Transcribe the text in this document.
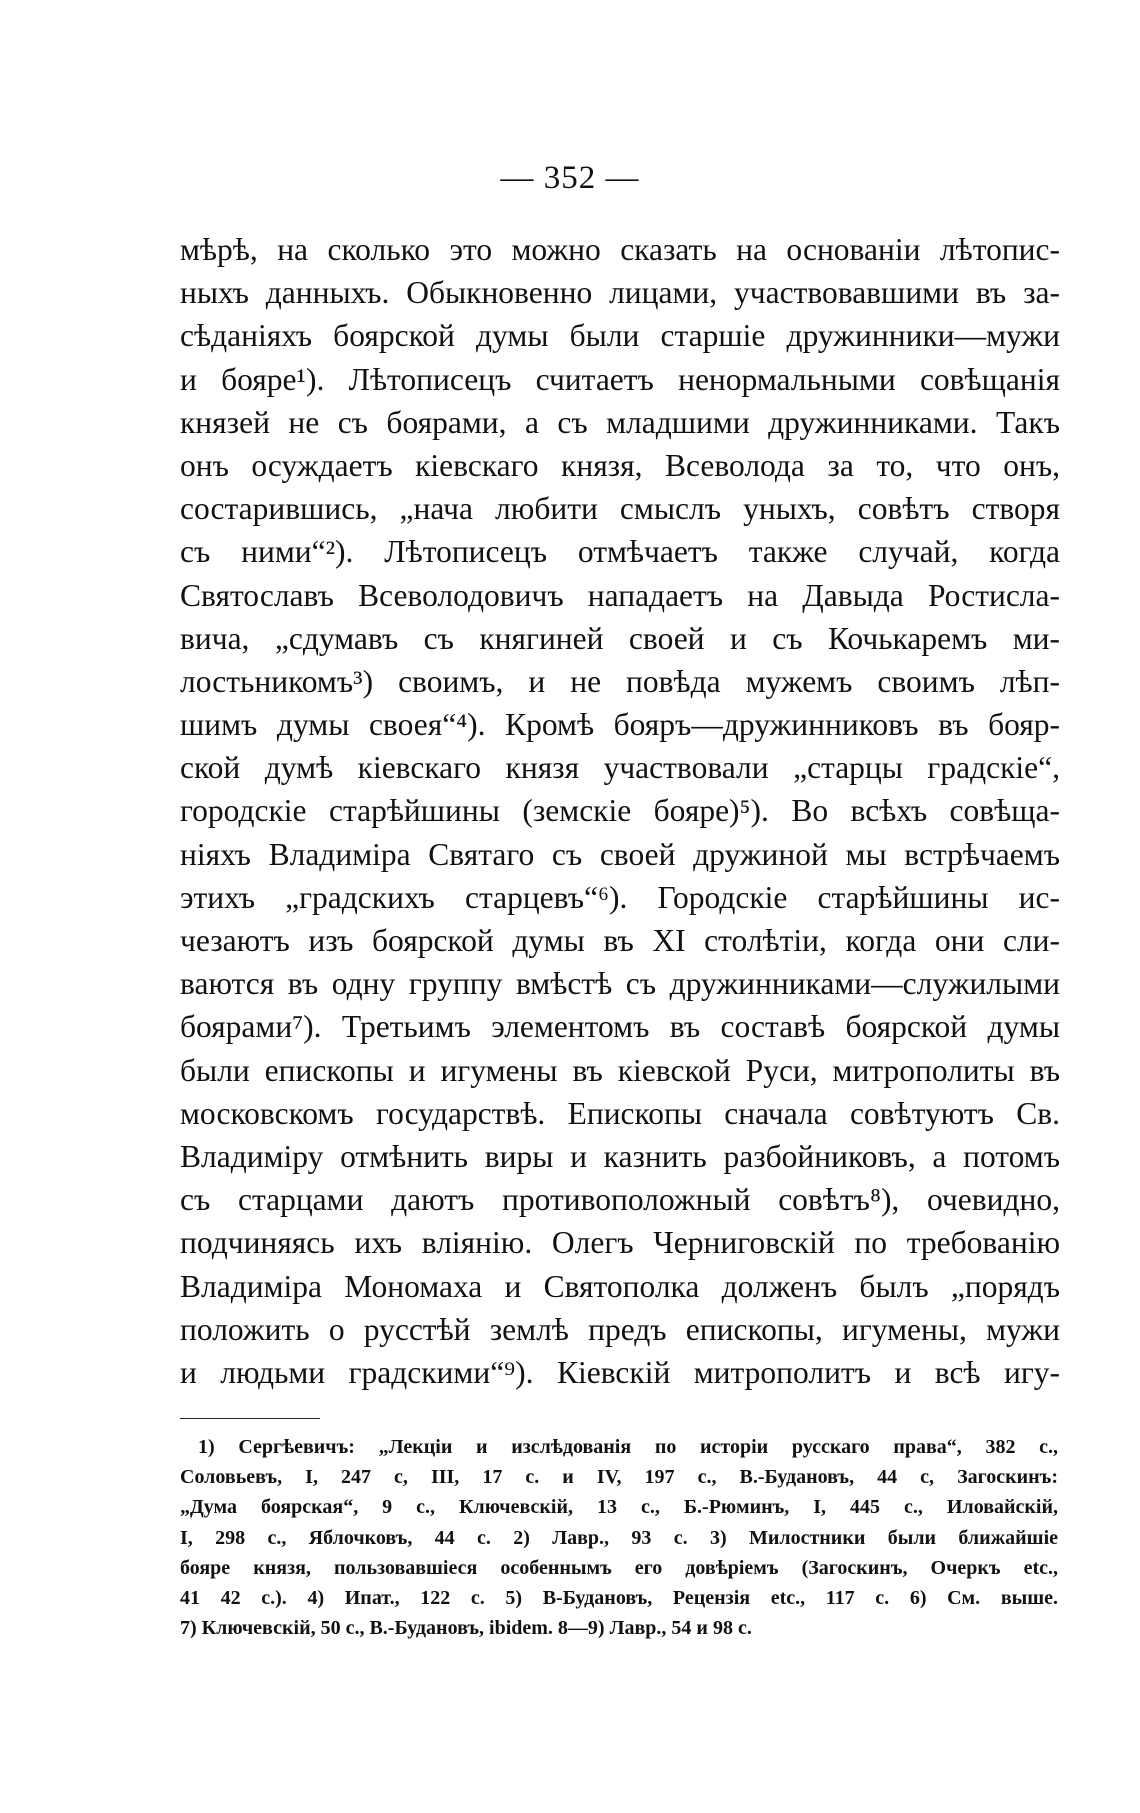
— 352 —
мѣрѣ, на сколько это можно сказать на основаніи лѣтопис-
ныхъ данныхъ. Обыкновенно лицами, участвовавшими въ за-
сѣданіяхъ боярской думы были старшіе дружинники—мужи
и бояре¹). Лѣтописецъ считаетъ ненормальными совѣщанія
князей не съ боярами, а съ младшими дружинниками. Такъ
онъ осуждаетъ кіевскаго князя, Всеволода за то, что онъ,
состарившись, „нача любити смыслъ уныхъ, совѣтъ створя
съ ними“²). Лѣтописецъ отмѣчаетъ также случай, когда
Святославъ Всеволодовичъ нападаетъ на Давыда Ростисла-
вича, „сдумавъ съ княгиней своей и съ Кочькаремъ ми-
лостьникомъ³) своимъ, и не повѣда мужемъ своимъ лѣп-
шимъ думы своея“⁴). Кромѣ бояръ—дружинниковъ въ бояр-
ской думѣ кіевскаго князя участвовали „старцы градскіе“,
городскіе старѣйшины (земскіе бояре)⁵). Во всѣхъ совѣща-
ніяхъ Владиміра Святаго съ своей дружиной мы встрѣчаемъ
этихъ „градскихъ старцевъ“⁶). Городскіе старѣйшины ис-
чезаютъ изъ боярской думы въ XI столѣтіи, когда они сли-
ваются въ одну группу вмѣстѣ съ дружинниками—служилыми
боярами⁷). Третьимъ элементомъ въ составѣ боярской думы
были епископы и игумены въ кіевской Руси, митрополиты въ
московскомъ государствѣ. Епископы сначала совѣтуютъ Св.
Владиміру отмѣнить виры и казнить разбойниковъ, а потомъ
съ старцами даютъ противоположный совѣтъ⁸), очевидно,
подчиняясь ихъ вліянію. Олегъ Черниговскій по требованію
Владиміра Мономаха и Святополка долженъ былъ „порядъ
положить о русстѣй землѣ предъ епископы, игумены, мужи
и людьми градскими“⁹). Кіевскій митрополитъ и всѣ игу-
1) Сергѣевичъ: „Лекціи и изслѣдованія по исторіи русскаго права“, 382 с.,
Соловьевъ, I, 247 с, III, 17 с. и IV, 197 с., В.-Будановъ, 44 с, Загоскинъ:
„Дума боярская“, 9 с., Ключевскій, 13 с., Б.-Рюминъ, I, 445 с., Иловайскій,
I, 298 с., Яблочковъ, 44 с. 2) Лавр., 93 с. 3) Милостники были ближайшіе
бояре князя, пользовавшіеся особеннымъ его довѣріемъ (Загоскинъ, Очеркъ etc.,
41 42 с.). 4) Ипат., 122 с. 5) В-Будановъ, Рецензія etc., 117 с. 6) См. выше.
7) Ключевскій, 50 с., В.-Будановъ, ibidem. 8—9) Лавр., 54 и 98 с.
